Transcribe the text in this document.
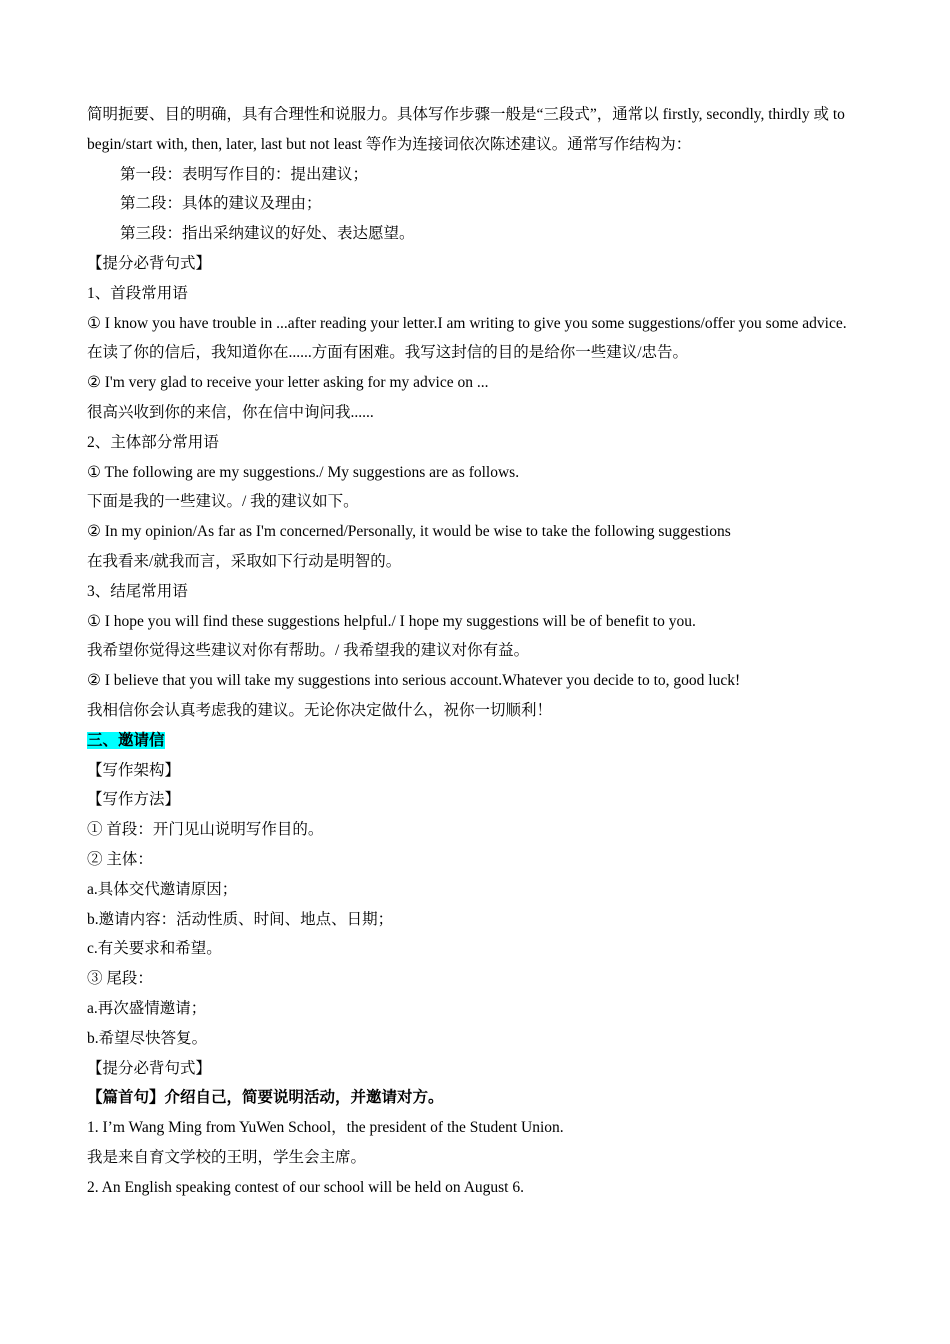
简明扼要、目的明确，具有合理性和说服力。具体写作步骤一般是“三段式”，通常以 firstly, secondly, thirdly 或 to begin/start with, then, later, last but not least 等作为连接词依次陈述建议。通常写作结构为：

第一段：表明写作目的：提出建议；

第二段：具体的建议及理由；

第三段：指出采纳建议的好处、表达愿望。

【提分必背句式】

1、首段常用语

① I know you have trouble in ...after reading your letter.I am writing to give you some suggestions/offer you some advice.

在读了你的信后，我知道你在......方面有困难。我写这封信的目的是给你一些建议/忠告。

② I'm very glad to receive your letter asking for my advice on ...

很高兴收到你的来信，你在信中询问我......

2、主体部分常用语

① The following are my suggestions./ My suggestions are as follows.

下面是我的一些建议。/ 我的建议如下。

② In my opinion/As far as I'm concerned/Personally, it would be wise to take the following suggestions

在我看来/就我而言，采取如下行动是明智的。

3、结尾常用语

① I hope you will find these suggestions helpful./ I hope my suggestions will be of benefit to you.

我希望你觉得这些建议对你有帮助。/ 我希望我的建议对你有益。

② I believe that you will take my suggestions into serious account.Whatever you decide to to, good luck!

我相信你会认真考虑我的建议。无论你决定做什么，祝你一切顺利！

三、邀请信

【写作架构】

【写作方法】

① 首段：开门见山说明写作目的。

② 主体：

a.具体交代邀请原因；

b.邀请内容：活动性质、时间、地点、日期；

c.有关要求和希望。

③ 尾段：

a.再次盛情邀请；

b.希望尽快答复。

【提分必背句式】

【篇首句】介绍自己，简要说明活动，并邀请对方。

1. I’m Wang Ming from YuWen School，the president of the Student Union.

我是来自育文学校的王明，学生会主席。

2. An English speaking contest of our school will be held on August 6.
